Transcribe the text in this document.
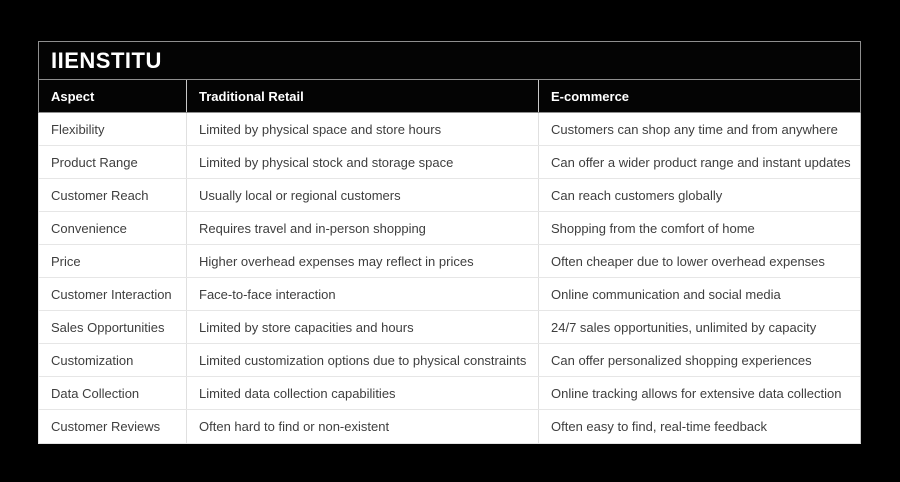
IIENSTITU
Aspect	Traditional Retail	E-commerce
Flexibility	Limited by physical space and store hours	Customers can shop any time and from anywhere
Product Range	Limited by physical stock and storage space	Can offer a wider product range and instant updates
Customer Reach	Usually local or regional customers	Can reach customers globally
Convenience	Requires travel and in-person shopping	Shopping from the comfort of home
Price	Higher overhead expenses may reflect in prices	Often cheaper due to lower overhead expenses
Customer Interaction	Face-to-face interaction	Online communication and social media
Sales Opportunities	Limited by store capacities and hours	24/7 sales opportunities, unlimited by capacity
Customization	Limited customization options due to physical constraints	Can offer personalized shopping experiences
Data Collection	Limited data collection capabilities	Online tracking allows for extensive data collection
Customer Reviews	Often hard to find or non-existent	Often easy to find, real-time feedback
